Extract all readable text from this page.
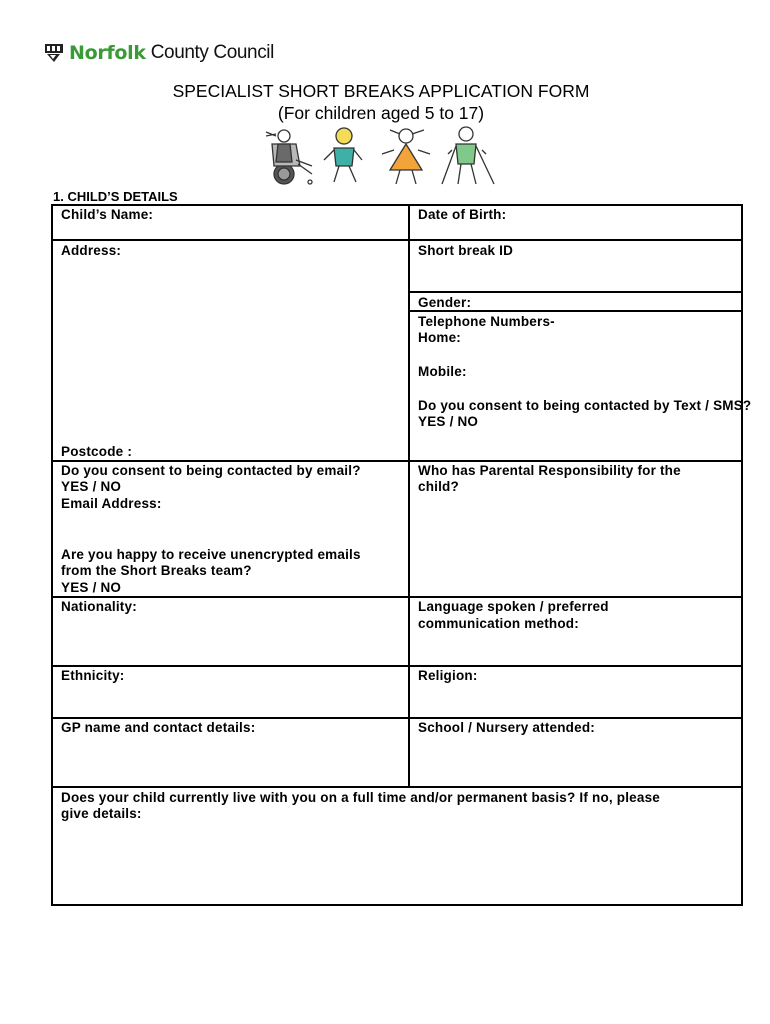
Norfolk County Council
SPECIALIST SHORT BREAKS APPLICATION FORM
(For children aged 5 to 17)
1. CHILD’S DETAILS
Child’s Name:
Address:
Postcode :
Do you consent to being contacted by email?
YES / NO
Email Address:
Are you happy to receive unencrypted emails
from the Short Breaks team?
YES / NO
Nationality:
Ethnicity:
GP name and contact details:
Date of Birth:
Short break ID
Gender:
Telephone Numbers-
Home:
Mobile:
Do you consent to being contacted by Text / SMS?
YES / NO
Who has Parental Responsibility for the
child?
Language spoken / preferred
communication method:
Religion:
School / Nursery attended:
Does your child currently live with you on a full time and/or permanent basis? If no, please
give details:
